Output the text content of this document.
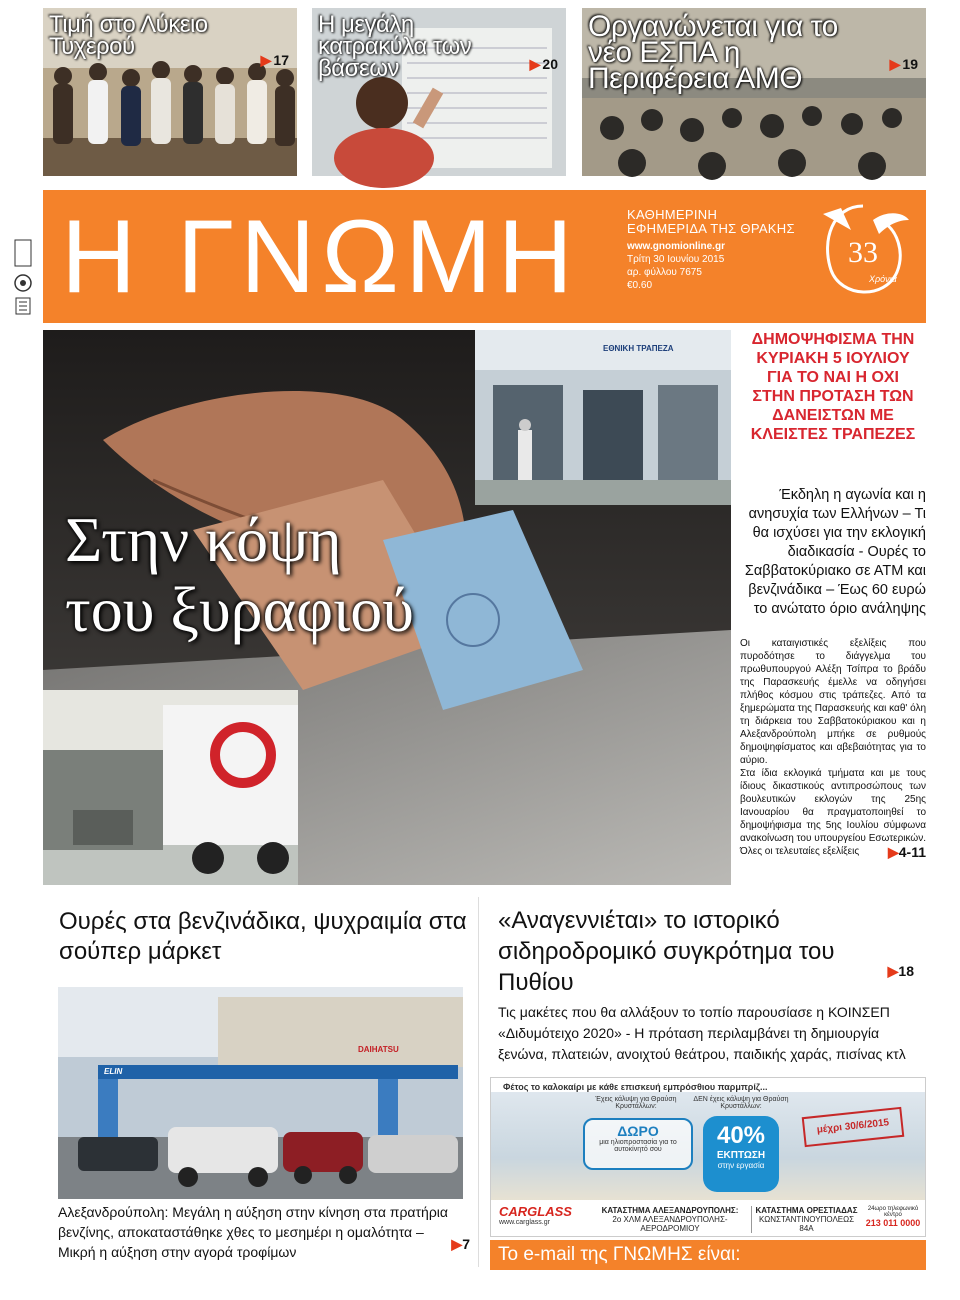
Τιμή στο Λύκειο Τυχερού	▶ 17
Η μεγάλη κατρακύλα των βάσεων	▶ 20
Οργανώνεται για το νέο ΕΣΠΑ η Περιφέρεια ΑΜΘ	▶ 19
Η ΓΝΩΜΗ	ΚΑΘΗΜΕΡΙΝΗ
ΕΦΗΜΕΡΙΔΑ ΤΗΣ ΘΡΑΚΗΣ
www.gnomionline.gr
Τρίτη 30 Ιουνίου 2015
αρ. φύλλου 7675
€0.60
33
Χρόνια
ΕΘΝΙΚΗ ΤΡΑΠΕΖΑ
Στην κόψη
του ξυραφιού
ΔΗΜΟΨΗΦΙΣΜΑ ΤΗΝ ΚΥΡΙΑΚΗ 5 ΙΟΥΛΙΟΥ ΓΙΑ ΤΟ ΝΑΙ Η ΟΧΙ ΣΤΗΝ ΠΡΟΤΑΣΗ ΤΩΝ ΔΑΝΕΙΣΤΩΝ ΜΕ ΚΛΕΙΣΤΕΣ ΤΡΑΠΕΖΕΣ
Έκδηλη η αγωνία και η ανησυχία των Ελλήνων – Τι θα ισχύσει για την εκλογική διαδικασία - Ουρές το Σαββατοκύριακο σε ΑΤΜ και βενζινάδικα – Έως 60 ευρώ το ανώτατο όριο ανάληψης
Οι καταιγιστικές εξελίξεις που πυροδότησε το διάγγελμα του πρωθυπουργού Αλέξη Τσίπρα το βράδυ της Παρασκευής έμελλε να οδηγήσει πλήθος κόσμου στις τράπεζες. Από τα ξημερώματα της Παρασκευής και καθ' όλη τη διάρκεια του Σαββατοκύριακου και η Αλεξανδρούπολη μπήκε σε ρυθμούς δημοψηφίσματος και αβεβαιότητας για το αύριο.
Στα ίδια εκλογικά τμήματα και με τους ίδιους δικαστικούς αντιπροσώπους των βουλευτικών εκλογών της 25ης Ιανουαρίου θα πραγματοποιηθεί το δημοψήφισμα της 5ης Ιουλίου σύμφωνα ανακοίνωση του υπουργείου Εσωτερικών. Όλες οι τελευταίες εξελίξεις	▶4-11
Ουρές στα βενζινάδικα, ψυχραιμία στα σούπερ μάρκετ
ELIN
DAIHATSU
Αλεξανδρούπολη: Μεγάλη η αύξηση στην κίνηση στα πρατήρια βενζίνης, αποκαταστάθηκε χθες το μεσημέρι η ομαλότητα – Μικρή η αύξηση στην αγορά τροφίμων	▶7
«Αναγεννιέται» το ιστορικό σιδηροδρομικό συγκρότημα του Πυθίου	▶18

Τις μακέτες που θα αλλάξουν το τοπίο παρουσίασε η ΚΟΙΝΣΕΠ «Διδυμότειχο 2020» - Η πρόταση περιλαμβάνει τη δημιουργία ξενώνα, πλατειών, ανοιχτού θεάτρου, παιδικής χαράς, πισίνας κτλ

Φέτος το καλοκαίρι με κάθε επισκευή εμπρόσθιου παρμπρίζ...
Έχεις κάλυψη για Θραύση Κρυστάλλων:
ΔΩΡΟ
μια ηλιοπροστασία για το αυτοκίνητό σου
ΔΕΝ έχεις κάλυψη για Θραύση Κρυστάλλων:
40%
ΕΚΠΤΩΣΗ
στην εργασία
μέχρι 30/6/2015
CARGLASS
www.carglass.gr
ΚΑΤΑΣΤΗΜΑ ΑΛΕΞΑΝΔΡΟΥΠΟΛΗΣ:
2ο ΧΛΜ ΑΛΕΞΑΝΔΡΟΥΠΟΛΗΣ-ΑΕΡΟΔΡΟΜΙΟΥ
ΚΑΤΑΣΤΗΜΑ ΟΡΕΣΤΙΑΔΑΣ
ΚΩΝΣΤΑΝΤΙΝΟΥΠΟΛΕΩΣ 84Α
24ωρο τηλεφωνικό κέντρο
213 011 0000
Το e-mail της ΓΝΩΜΗΣ είναι: gnomi@gnomionline.gr
